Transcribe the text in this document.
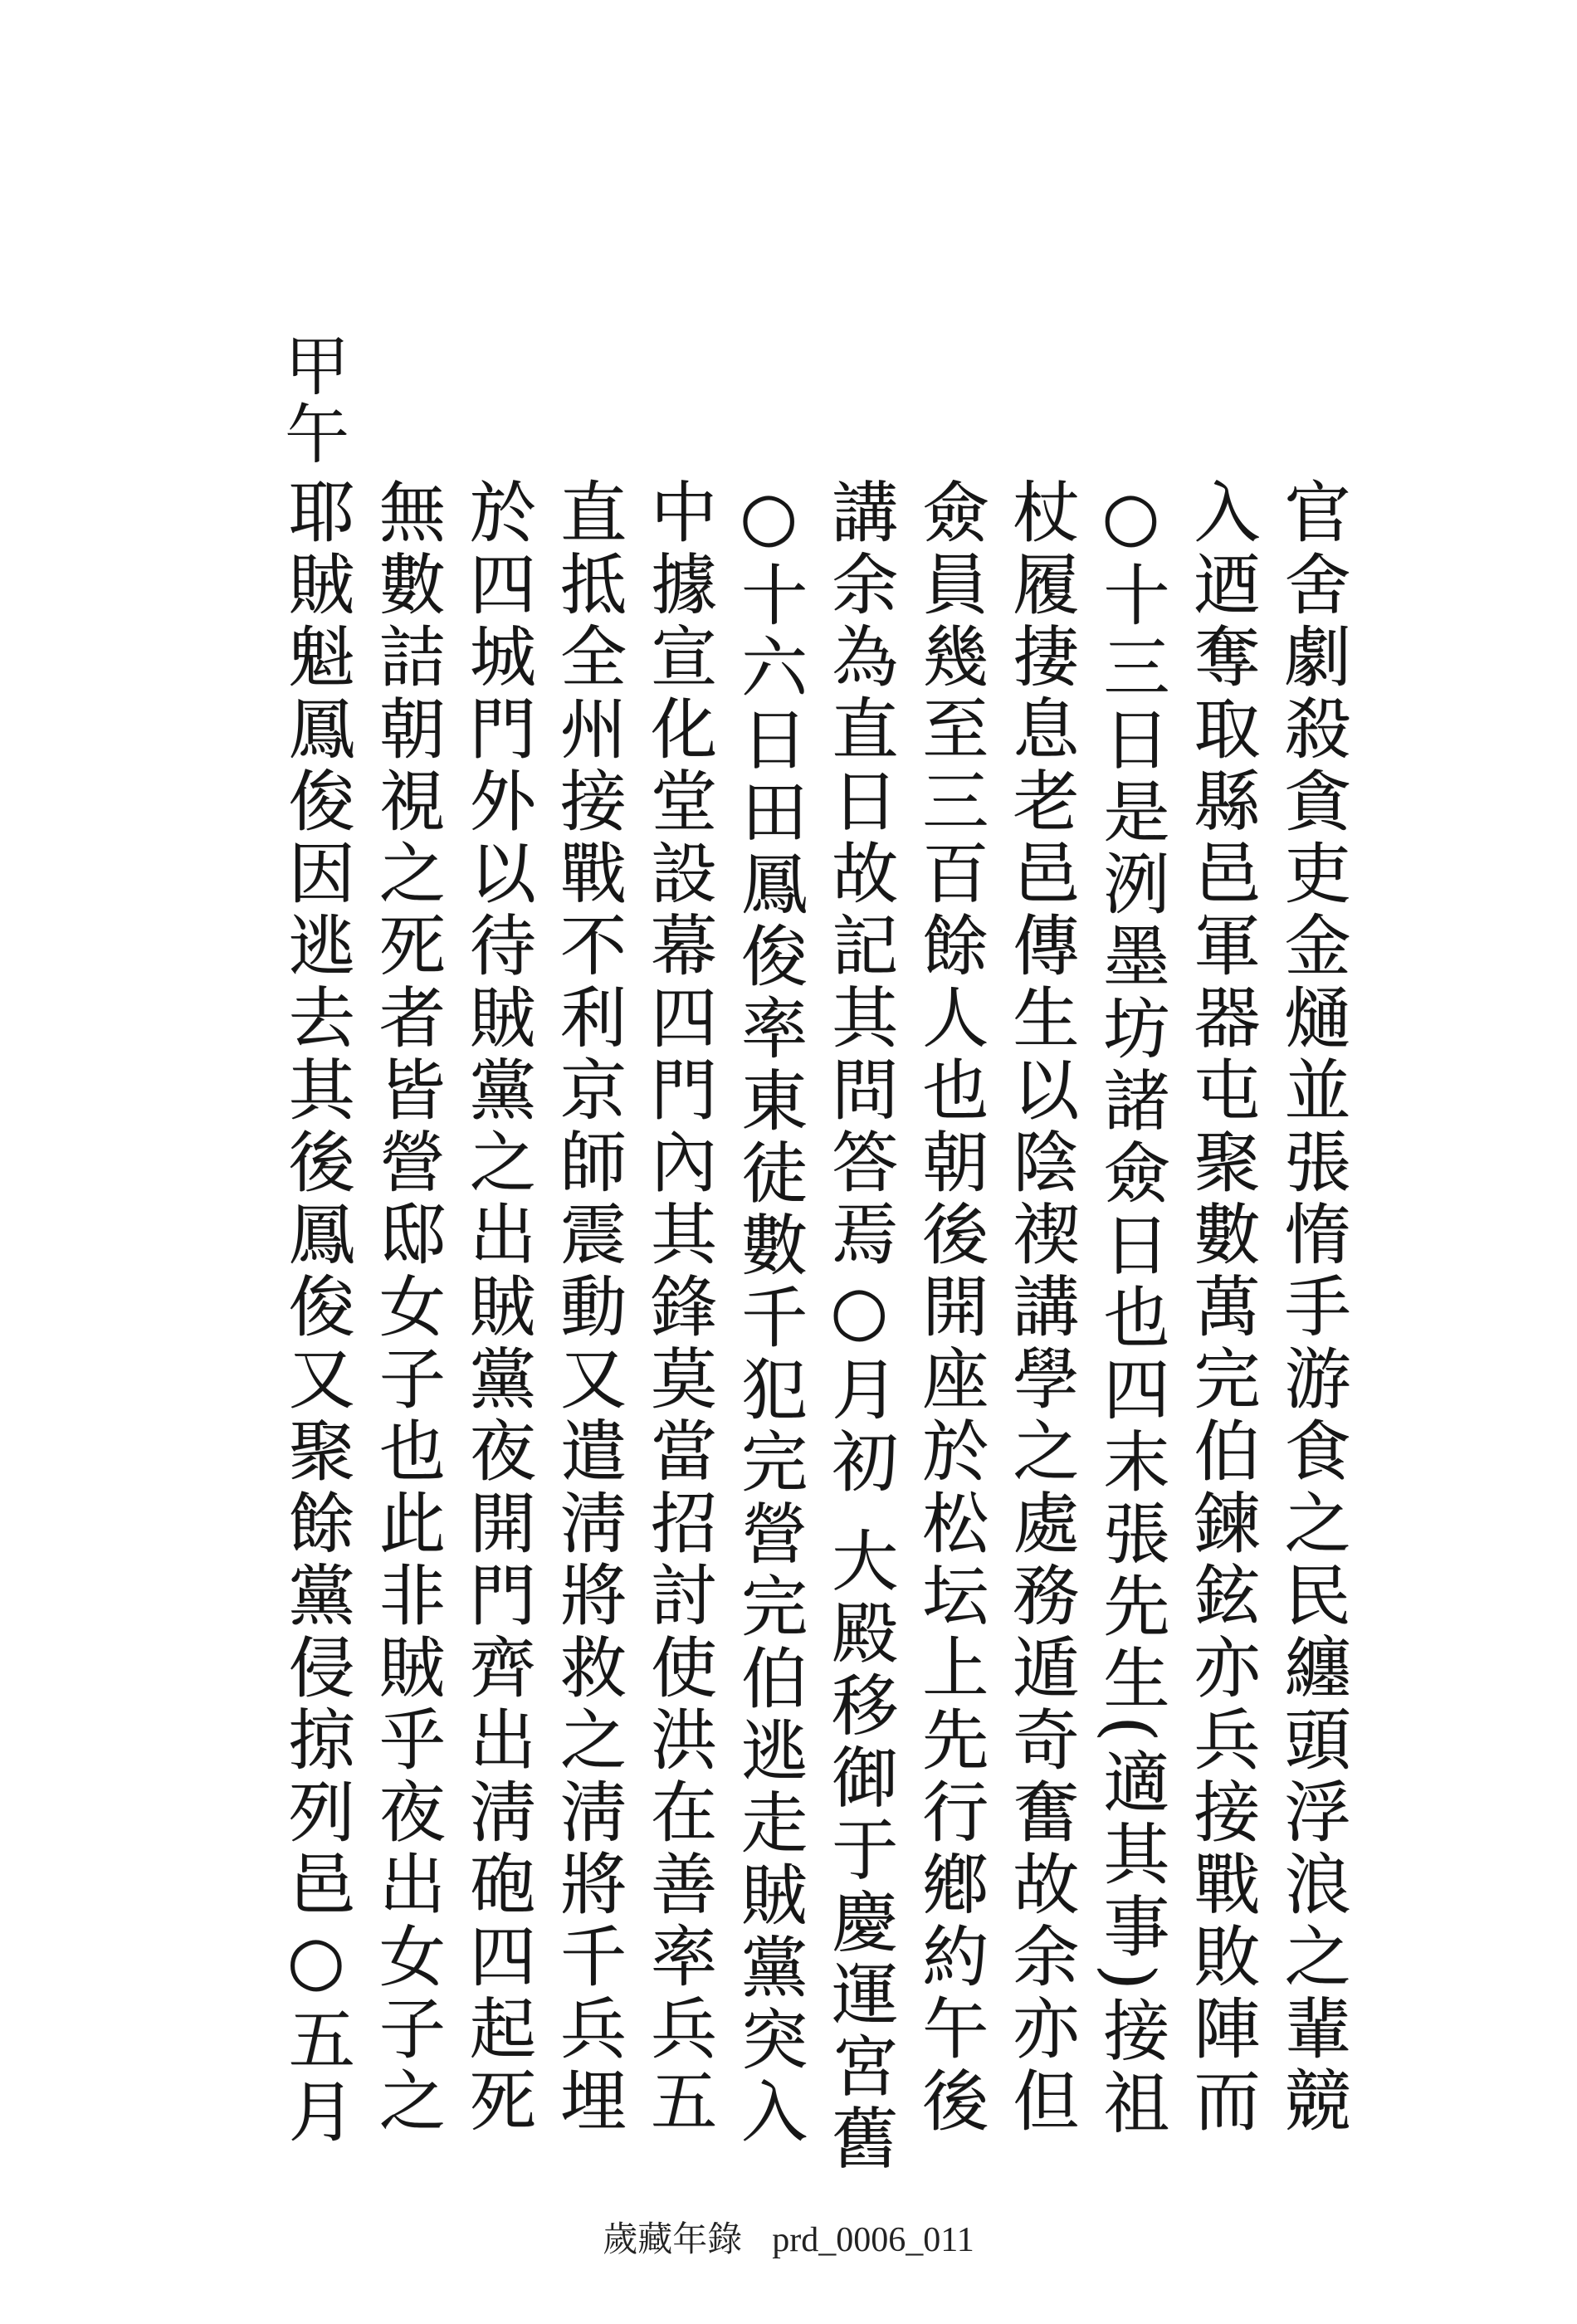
甲午
官舍劇殺貪吏金熥並張惰手游食之民纏頭浮浪之輩競
入迺奪取縣邑軍器屯聚數萬完伯鍊鉉亦兵接戰敗陣而
○十三日是洌墨坊諸僉日也四末張先生(適其事)接祖
杖履捿息老邑傳生以陰禊講學之處務遁奇奮故余亦但
僉員幾至三百餘人也朝後開座於松坛上先行鄕約午後
講余為直日故記其問答焉○月初 大殿移御于慶運宮舊
○十六日田鳳俊率東徒數千犯完營完伯逃走賊黨突入
中據宣化堂設幕四門內其鋒莫當招討使洪在善率兵五
直抵全州接戰不利京師震動又遣淸將救之淸將千兵埋
於四城門外以待賊黨之出賊黨夜開門齊出淸砲四起死
無數詰朝視之死者皆營邸女子也此非賊乎夜出女子之
耶賊魁鳳俊因逃去其後鳳俊又聚餘黨侵掠列邑○五月
歲藏年錄 prd_0006_011
